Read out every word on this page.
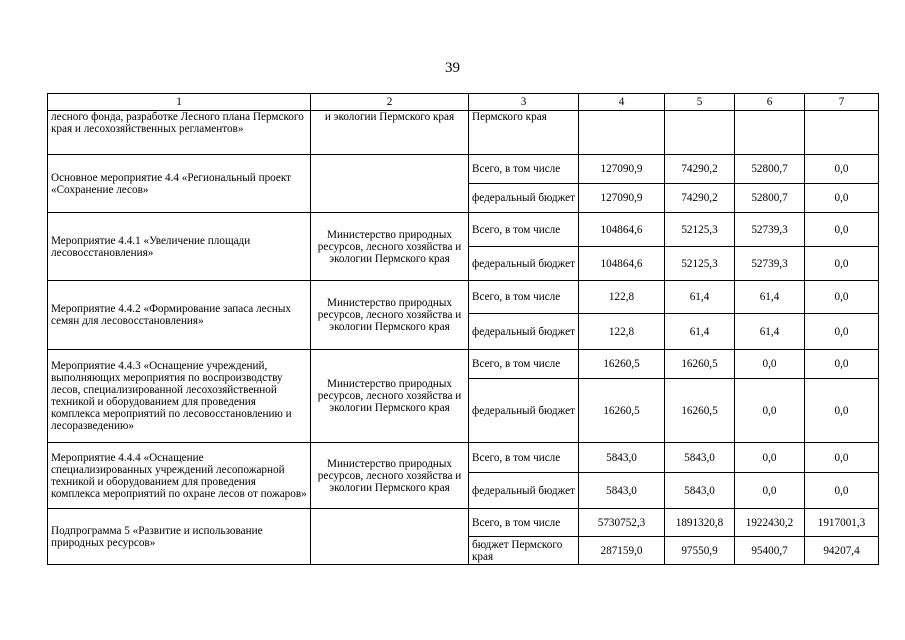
39
1	2	3	4	5	6	7
лесного фонда, разработке Лесного плана Пермского края и лесохозяйственных регламентов»	и экологии Пермского края	Пермского края				
Основное мероприятие 4.4 «Региональный проект «Сохранение лесов»		Всего, в том числе	127090,9	74290,2	52800,7	0,0
		федеральный бюджет	127090,9	74290,2	52800,7	0,0
Мероприятие 4.4.1 «Увеличение площади лесовосстановления»	Министерство природных ресурсов, лесного хозяйства и экологии Пермского края	Всего, в том числе	104864,6	52125,3	52739,3	0,0
		федеральный бюджет	104864,6	52125,3	52739,3	0,0
Мероприятие 4.4.2 «Формирование запаса лесных семян для лесовосстановления»	Министерство природных ресурсов, лесного хозяйства и экологии Пермского края	Всего, в том числе	122,8	61,4	61,4	0,0
		федеральный бюджет	122,8	61,4	61,4	0,0
Мероприятие 4.4.3 «Оснащение учреждений, выполняющих мероприятия по воспроизводству лесов, специализированной лесохозяйственной техникой и оборудованием для проведения комплекса мероприятий по лесовосстановлению и лесоразведению»	Министерство природных ресурсов, лесного хозяйства и экологии Пермского края	Всего, в том числе	16260,5	16260,5	0,0	0,0
		федеральный бюджет	16260,5	16260,5	0,0	0,0
Мероприятие 4.4.4 «Оснащение специализированных учреждений лесопожарной техникой и оборудованием для проведения комплекса мероприятий по охране лесов от пожаров»	Министерство природных ресурсов, лесного хозяйства и экологии Пермского края	Всего, в том числе	5843,0	5843,0	0,0	0,0
		федеральный бюджет	5843,0	5843,0	0,0	0,0
Подпрограмма 5 «Развитие и использование природных ресурсов»		Всего, в том числе	5730752,3	1891320,8	1922430,2	1917001,3
		бюджет Пермского края	287159,0	97550,9	95400,7	94207,4
